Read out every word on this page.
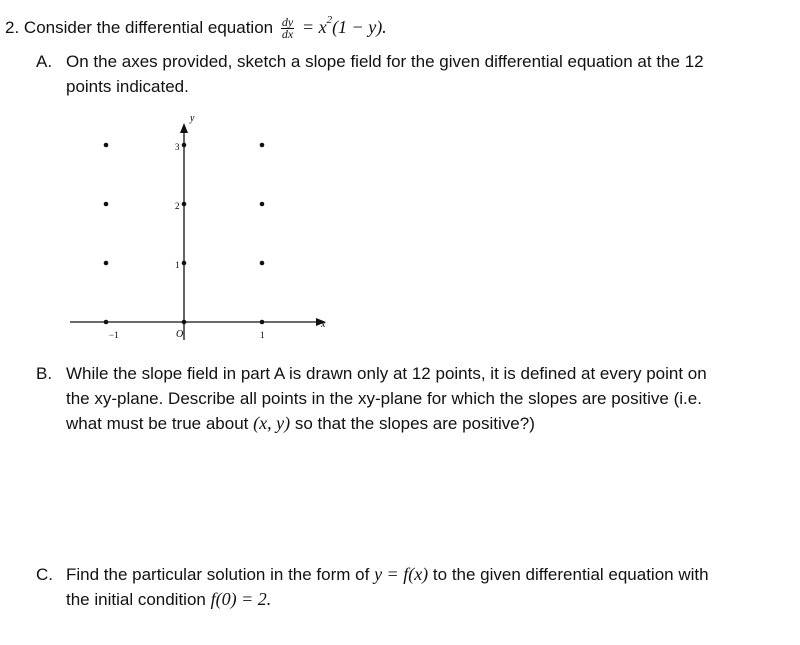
2. Consider the differential equation $\frac{dy}{dx} = x^2(1 - y)$.
A. On the axes provided, sketch a slope field for the given differential equation at the 12
points indicated.
y
x
O
−1	1
1
2
3
B. While the slope field in part A is drawn only at 12 points, it is defined at every point on
the xy-plane. Describe all points in the xy-plane for which the slopes are positive (i.e.
what must be true about (x, y) so that the slopes are positive?)
C. Find the particular solution in the form of y = f(x) to the given differential equation with
the initial condition f(0) = 2.
